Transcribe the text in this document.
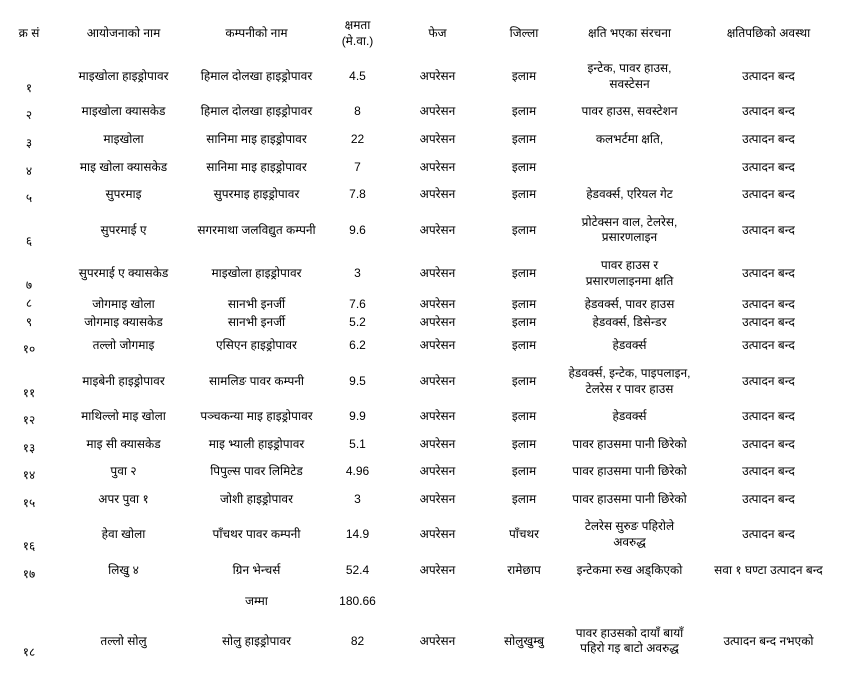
क्र सं	आयोजनाको नाम	कम्पनीको नाम	क्षमता (मे.वा.)	फेज	जिल्ला	क्षति भएका संरचना	क्षतिपछिको अवस्था
१	माइखोला हाइड्रोपावर	हिमाल दोलखा हाइड्रोपावर	4.5	अपरेसन	इलाम	इन्टेक, पावर हाउस, सवस्टेसन	उत्पादन बन्द
२	माइखोला क्यासकेड	हिमाल दोलखा हाइड्रोपावर	8	अपरेसन	इलाम	पावर हाउस, सवस्टेशन	उत्पादन बन्द
३	माइखोला	सानिमा माइ हाइड्रोपावर	22	अपरेसन	इलाम	कलभर्टमा क्षति,	उत्पादन बन्द
४	माइ खोला क्यासकेड	सानिमा माइ हाइड्रोपावर	7	अपरेसन	इलाम		उत्पादन बन्द
५	सुपरमाइ	सुपरमाइ हाइड्रोपावर	7.8	अपरेसन	इलाम	हेडवर्क्स, एरियल गेट	उत्पादन बन्द
६	सुपरमाई ए	सगरमाथा जलविद्युत कम्पनी	9.6	अपरेसन	इलाम	प्रोटेक्सन वाल, टेलरेस, प्रसारणलाइन	उत्पादन बन्द
७	सुपरमाई ए क्यासकेड	माइखोला हाइड्रोपावर	3	अपरेसन	इलाम	पावर हाउस र प्रसारणलाइनमा क्षति	उत्पादन बन्द
८	जोगमाइ खोला	सानभी इनर्जी	7.6	अपरेसन	इलाम	हेडवर्क्स, पावर हाउस	उत्पादन बन्द
९	जोगमाइ क्यासकेड	सानभी इनर्जी	5.2	अपरेसन	इलाम	हेडवर्क्स, डिसेन्डर	उत्पादन बन्द
१०	तल्लो जोगमाइ	एसिएन हाइड्रोपावर	6.2	अपरेसन	इलाम	हेडवर्क्स	उत्पादन बन्द
११	माइबेनी हाइड्रोपावर	सामलिङ पावर कम्पनी	9.5	अपरेसन	इलाम	हेडवर्क्स, इन्टेक, पाइपलाइन, टेलरेस र पावर हाउस	उत्पादन बन्द
१२	माथिल्लो माइ खोला	पञ्चकन्या माइ हाइड्रोपावर	9.9	अपरेसन	इलाम	हेडवर्क्स	उत्पादन बन्द
१३	माइ सी क्यासकेड	माइ भ्याली हाइड्रोपावर	5.1	अपरेसन	इलाम	पावर हाउसमा पानी छिरेको	उत्पादन बन्द
१४	पुवा २	पिपुल्स पावर लिमिटेड	4.96	अपरेसन	इलाम	पावर हाउसमा पानी छिरेको	उत्पादन बन्द
१५	अपर पुवा १	जोशी हाइड्रोपावर	3	अपरेसन	इलाम	पावर हाउसमा पानी छिरेको	उत्पादन बन्द
१६	हेवा खोला	पाँचथर पावर कम्पनी	14.9	अपरेसन	पाँचथर	टेलरेस सुरुङ पहिरोले अवरुद्ध	उत्पादन बन्द
१७	लिखु ४	ग्रिन भेन्चर्स	52.4	अपरेसन	रामेछाप	इन्टेकमा रुख अड्किएको	सवा १ घण्टा उत्पादन बन्द
		जम्मा	180.66				
१८	तल्लो सोलु	सोलु हाइड्रोपावर	82	अपरेसन	सोलुखुम्बु	पावर हाउसको दायाँ बायाँ पहिरो गइ बाटो अवरुद्ध	उत्पादन बन्द नभएको
